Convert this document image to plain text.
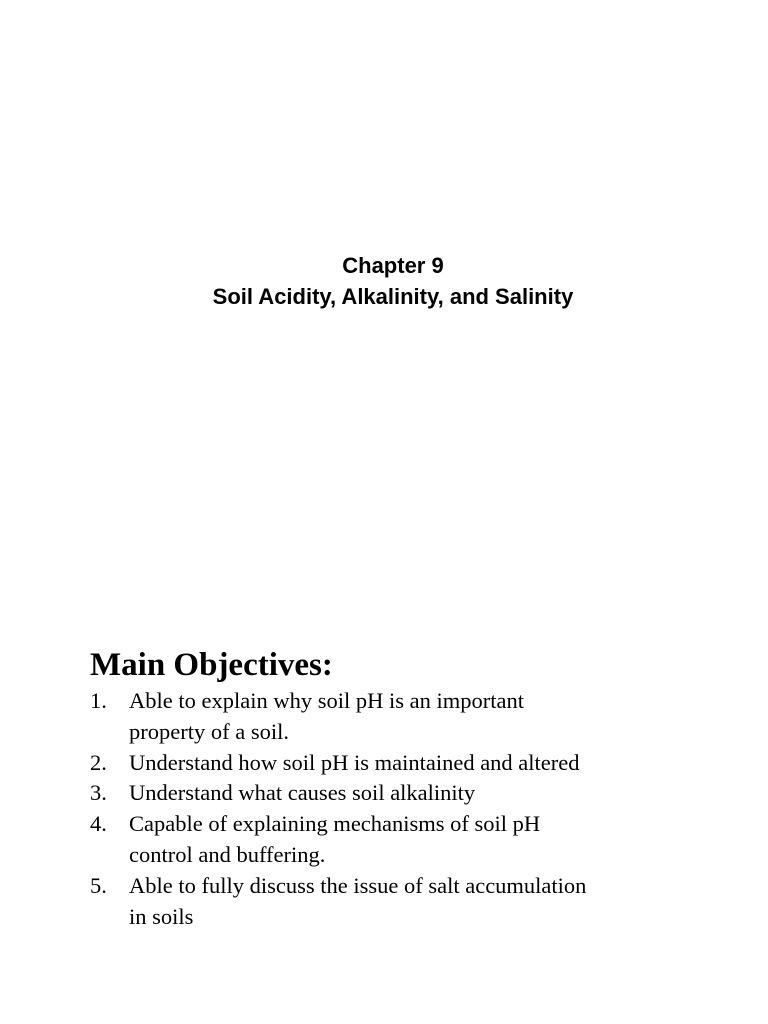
Chapter 9
Soil Acidity, Alkalinity, and Salinity
Main Objectives:
1. Able to explain why soil pH is an important
property of a soil.
2. Understand how soil pH is maintained and altered
3. Understand what causes soil alkalinity
4. Capable of explaining mechanisms of soil pH
control and buffering.
5. Able to fully discuss the issue of salt accumulation
in soils
